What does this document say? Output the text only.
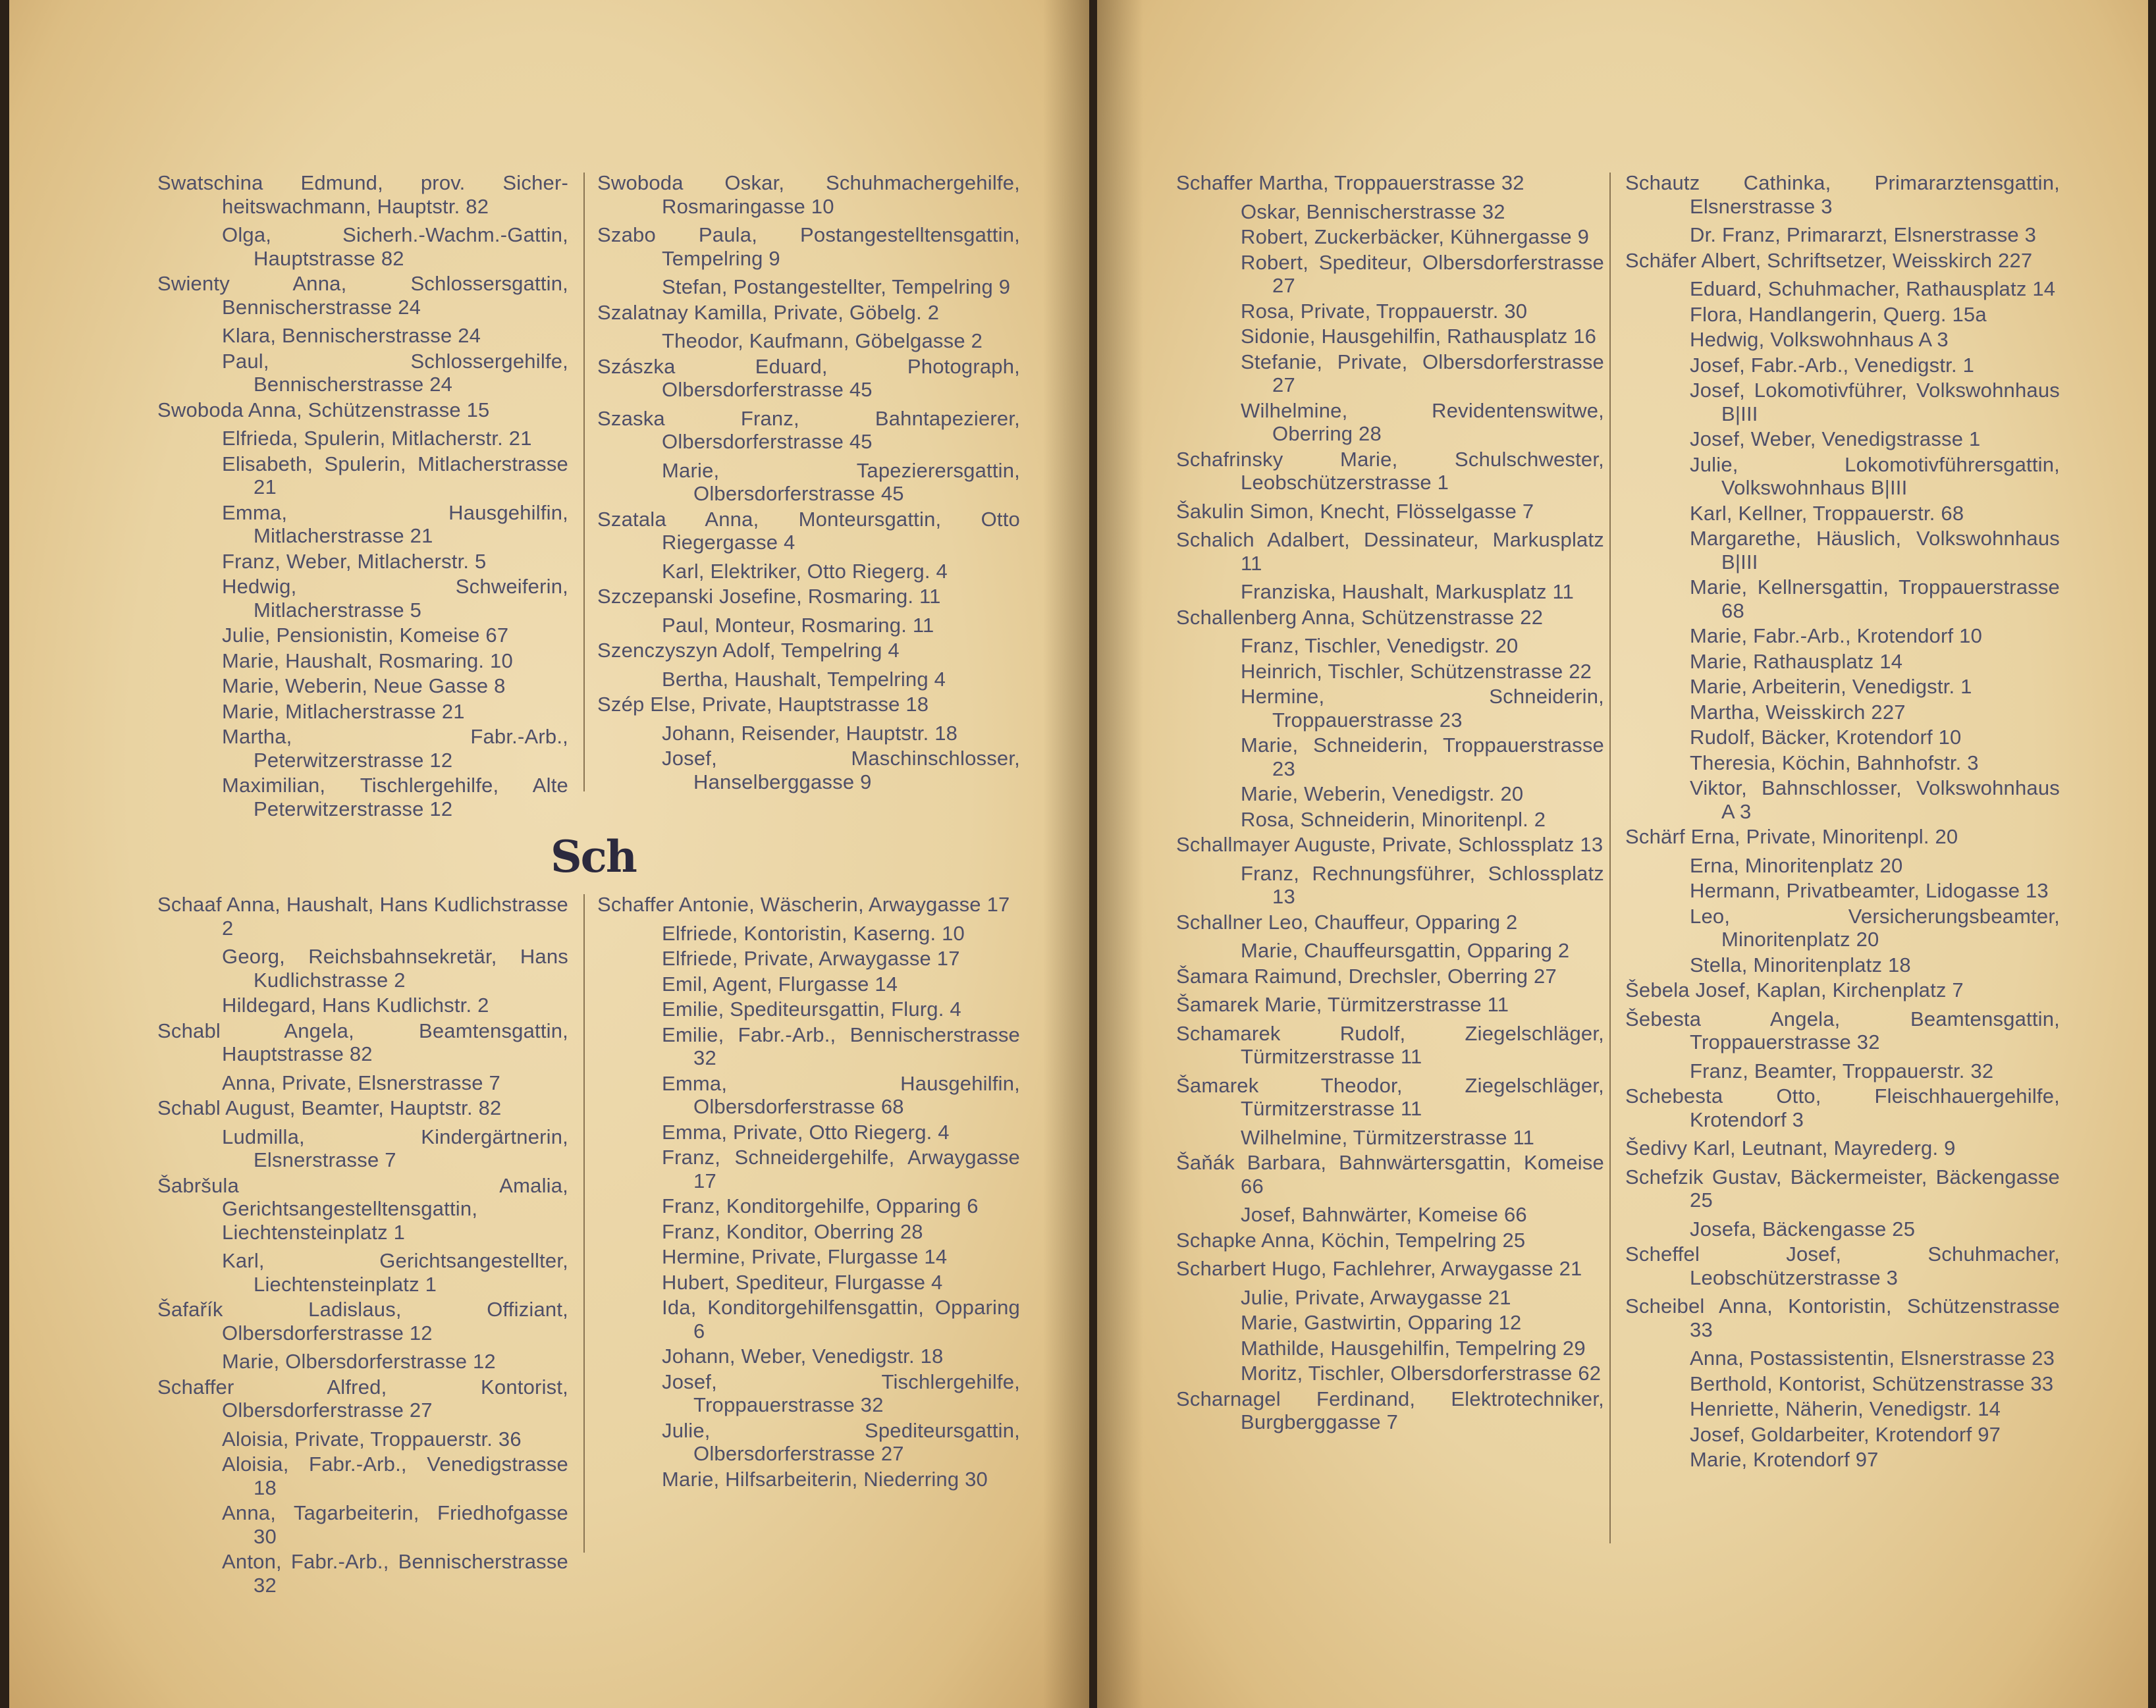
Swatschina Edmund, prov. Sicher-heitswachmann, Hauptstr. 82
Olga, Sicherh.-Wachm.-Gattin, Hauptstrasse 82
Swienty Anna, Schlossersgattin, Bennischerstrasse 24
Klara, Bennischerstrasse 24
Paul, Schlossergehilfe, Bennischerstrasse 24
Swoboda Anna, Schützenstrasse 15
Elfrieda, Spulerin, Mitlacherstr. 21
Elisabeth, Spulerin, Mitlacherstrasse 21
Emma, Hausgehilfin, Mitlacherstrasse 21
Franz, Weber, Mitlacherstr. 5
Hedwig, Schweiferin, Mitlacherstrasse 5
Julie, Pensionistin, Komeise 67
Marie, Haushalt, Rosmaring. 10
Marie, Weberin, Neue Gasse 8
Marie, Mitlacherstrasse 21
Martha, Fabr.-Arb., Peterwitzerstrasse 12
Maximilian, Tischlergehilfe, Alte Peterwitzerstrasse 12
Swoboda Oskar, Schuhmachergehilfe, Rosmaringasse 10
Szabo Paula, Postangestelltensgattin, Tempelring 9
Stefan, Postangestellter, Tempelring 9
Szalatnay Kamilla, Private, Göbelg. 2
Theodor, Kaufmann, Göbelgasse 2
Szászka Eduard, Photograph, Olbersdorferstrasse 45
Szaska Franz, Bahntapezierer, Olbersdorferstrasse 45
Marie, Tapezierersgattin, Olbersdorferstrasse 45
Szatala Anna, Monteursgattin, Otto Riegergasse 4
Karl, Elektriker, Otto Riegerg. 4
Szczepanski Josefine, Rosmaring. 11
Paul, Monteur, Rosmaring. 11
Szenczyszyn Adolf, Tempelring 4
Bertha, Haushalt, Tempelring 4
Szép Else, Private, Hauptstrasse 18
Johann, Reisender, Hauptstr. 18
Josef, Maschinschlosser, Hanselberggasse 9
Sch
Schaaf Anna, Haushalt, Hans Kudlichstrasse 2
Georg, Reichsbahnsekretär, Hans Kudlichstrasse 2
Hildegard, Hans Kudlichstr. 2
Schabl Angela, Beamtensgattin, Hauptstrasse 82
Anna, Private, Elsnerstrasse 7
Schabl August, Beamter, Hauptstr. 82
Ludmilla, Kindergärtnerin, Elsnerstrasse 7
Šabršula Amalia, Gerichtsangestelltensgattin, Liechtensteinplatz 1
Karl, Gerichtsangestellter, Liechtensteinplatz 1
Šafařík Ladislaus, Offiziant, Olbersdorferstrasse 12
Marie, Olbersdorferstrasse 12
Schaffer Alfred, Kontorist, Olbersdorferstrasse 27
Aloisia, Private, Troppauerstr. 36
Aloisia, Fabr.-Arb., Venedigstrasse 18
Anna, Tagarbeiterin, Friedhofgasse 30
Anton, Fabr.-Arb., Bennischerstrasse 32
Schaffer Antonie, Wäscherin, Arwaygasse 17
Elfriede, Kontoristin, Kaserng. 10
Elfriede, Private, Arwaygasse 17
Emil, Agent, Flurgasse 14
Emilie, Spediteursgattin, Flurg. 4
Emilie, Fabr.-Arb., Bennischerstrasse 32
Emma, Hausgehilfin, Olbersdorferstrasse 68
Emma, Private, Otto Riegerg. 4
Franz, Schneidergehilfe, Arwaygasse 17
Franz, Konditorgehilfe, Opparing 6
Franz, Konditor, Oberring 28
Hermine, Private, Flurgasse 14
Hubert, Spediteur, Flurgasse 4
Ida, Konditorgehilfensgattin, Opparing 6
Johann, Weber, Venedigstr. 18
Josef, Tischlergehilfe, Troppauerstrasse 32
Julie, Spediteursgattin, Olbersdorferstrasse 27
Marie, Hilfsarbeiterin, Niederring 30
Schaffer Martha, Troppauerstrasse 32
Oskar, Bennischerstrasse 32
Robert, Zuckerbäcker, Kühnergasse 9
Robert, Spediteur, Olbersdorferstrasse 27
Rosa, Private, Troppauerstr. 30
Sidonie, Hausgehilfin, Rathausplatz 16
Stefanie, Private, Olbersdorferstrasse 27
Wilhelmine, Revidentenswitwe, Oberring 28
Schafrinsky Marie, Schulschwester, Leobschützerstrasse 1
Šakulin Simon, Knecht, Flösselgasse 7
Schalich Adalbert, Dessinateur, Markusplatz 11
Franziska, Haushalt, Markusplatz 11
Schallenberg Anna, Schützenstrasse 22
Franz, Tischler, Venedigstr. 20
Heinrich, Tischler, Schützenstrasse 22
Hermine, Schneiderin, Troppauerstrasse 23
Marie, Schneiderin, Troppauerstrasse 23
Marie, Weberin, Venedigstr. 20
Rosa, Schneiderin, Minoritenpl. 2
Schallmayer Auguste, Private, Schlossplatz 13
Franz, Rechnungsführer, Schlossplatz 13
Schallner Leo, Chauffeur, Opparing 2
Marie, Chauffeursgattin, Opparing 2
Šamara Raimund, Drechsler, Oberring 27
Šamarek Marie, Türmitzerstrasse 11
Schamarek Rudolf, Ziegelschläger, Türmitzerstrasse 11
Šamarek Theodor, Ziegelschläger, Türmitzerstrasse 11
Wilhelmine, Türmitzerstrasse 11
Šaňák Barbara, Bahnwärtersgattin, Komeise 66
Josef, Bahnwärter, Komeise 66
Schapke Anna, Köchin, Tempelring 25
Scharbert Hugo, Fachlehrer, Arwaygasse 21
Julie, Private, Arwaygasse 21
Marie, Gastwirtin, Opparing 12
Mathilde, Hausgehilfin, Tempelring 29
Moritz, Tischler, Olbersdorferstrasse 62
Scharnagel Ferdinand, Elektrotechniker, Burgberggasse 7
Schautz Cathinka, Primararztensgattin, Elsnerstrasse 3
Dr. Franz, Primararzt, Elsnerstrasse 3
Schäfer Albert, Schriftsetzer, Weisskirch 227
Eduard, Schuhmacher, Rathausplatz 14
Flora, Handlangerin, Querg. 15a
Hedwig, Volkswohnhaus A 3
Josef, Fabr.-Arb., Venedigstr. 1
Josef, Lokomotivführer, Volkswohnhaus B|III
Josef, Weber, Venedigstrasse 1
Julie, Lokomotivführersgattin, Volkswohnhaus B|III
Karl, Kellner, Troppauerstr. 68
Margarethe, Häuslich, Volkswohnhaus B|III
Marie, Kellnersgattin, Troppauerstrasse 68
Marie, Fabr.-Arb., Krotendorf 10
Marie, Rathausplatz 14
Marie, Arbeiterin, Venedigstr. 1
Martha, Weisskirch 227
Rudolf, Bäcker, Krotendorf 10
Theresia, Köchin, Bahnhofstr. 3
Viktor, Bahnschlosser, Volkswohnhaus A 3
Schärf Erna, Private, Minoritenpl. 20
Erna, Minoritenplatz 20
Hermann, Privatbeamter, Lidogasse 13
Leo, Versicherungsbeamter, Minoritenplatz 20
Stella, Minoritenplatz 18
Šebela Josef, Kaplan, Kirchenplatz 7
Šebesta Angela, Beamtensgattin, Troppauerstrasse 32
Franz, Beamter, Troppauerstr. 32
Schebesta Otto, Fleischhauergehilfe, Krotendorf 3
Šedivy Karl, Leutnant, Mayrederg. 9
Schefzik Gustav, Bäckermeister, Bäckengasse 25
Josefa, Bäckengasse 25
Scheffel Josef, Schuhmacher, Leobschützerstrasse 3
Scheibel Anna, Kontoristin, Schützenstrasse 33
Anna, Postassistentin, Elsnerstrasse 23
Berthold, Kontorist, Schützenstrasse 33
Henriette, Näherin, Venedigstr. 14
Josef, Goldarbeiter, Krotendorf 97
Marie, Krotendorf 97
